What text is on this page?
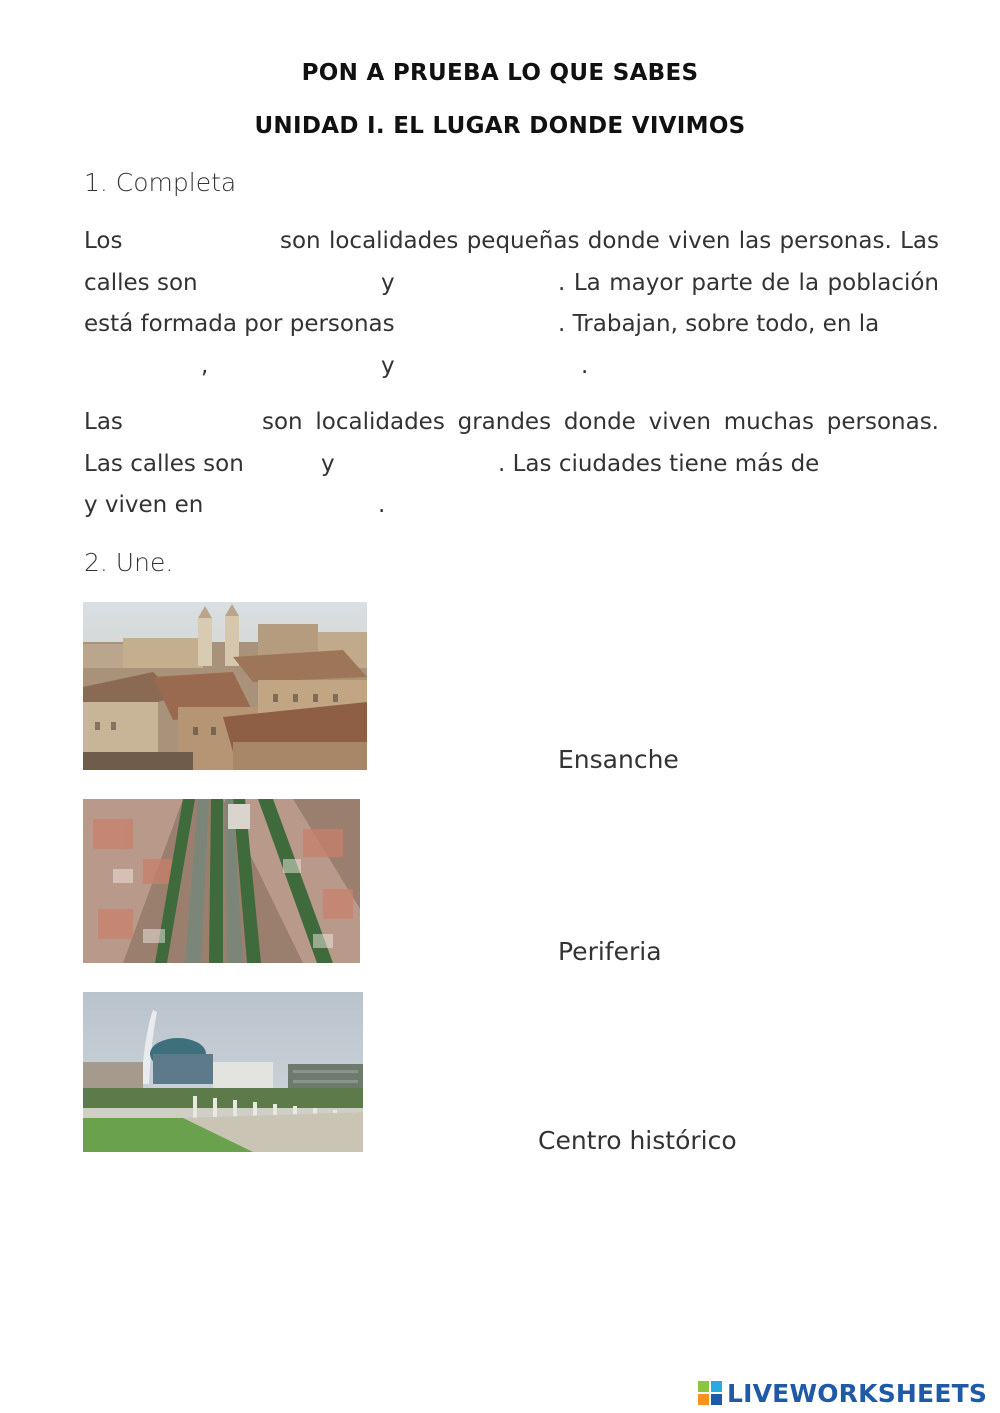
PON A PRUEBA LO QUE SABES
UNIDAD I. EL LUGAR DONDE VIVIMOS
1. Completa
Los	son localidades pequeñas donde viven las personas. Las
calles son	y	. La mayor parte de la población
está formada por personas	. Trabajan, sobre todo, en la
,	y	.
Las	son localidades grandes donde viven muchas personas.
Las calles son	y	. Las ciudades tiene más de
y viven en	.
2. Une.
Ensanche
Periferia
Centro histórico
LIVEWORKSHEETS
